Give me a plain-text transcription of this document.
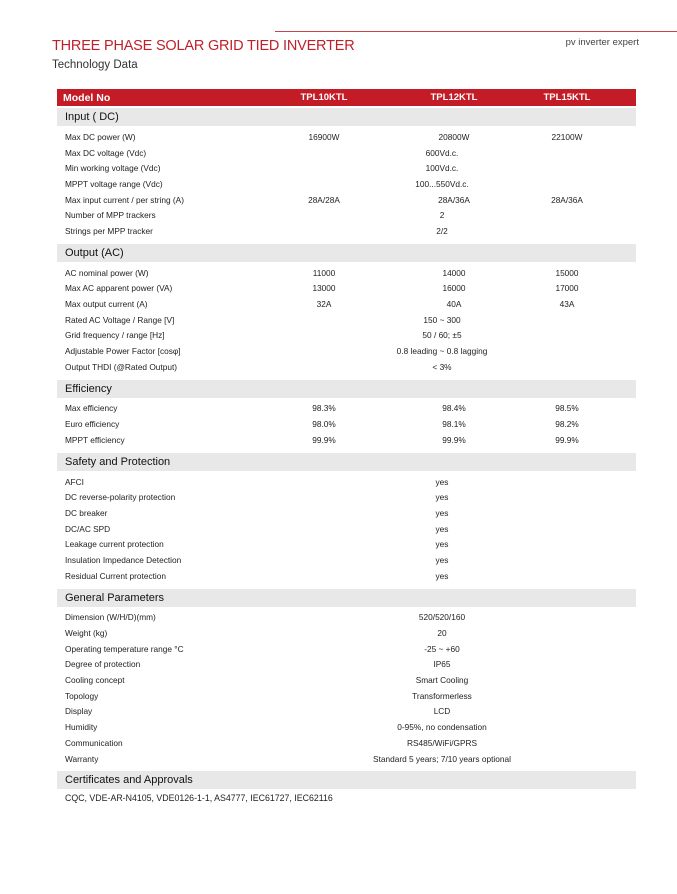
pv inverter expert
THREE PHASE SOLAR GRID TIED INVERTER
Technology Data
Model No	TPL10KTL	TPL12KTL	TPL15KTL
Input ( DC)
Max DC power (W)	16900W	20800W	22100W
Max DC voltage (Vdc)	600Vd.c.
Min working voltage (Vdc)	100Vd.c.
MPPT voltage range (Vdc)	100...550Vd.c.
Max input current / per string (A)	28A/28A	28A/36A	28A/36A
Number of MPP trackers	2
Strings per MPP tracker	2/2
Output (AC)
AC nominal power (W)	11000	14000	15000
Max AC apparent power (VA)	13000	16000	17000
Max output current (A)	32A	40A	43A
Rated AC Voltage / Range [V]	150 ~ 300
Grid frequency / range [Hz]	50 / 60; ±5
Adjustable Power Factor [cosφ]	0.8 leading ~ 0.8 lagging
Output THDI (@Rated Output)	< 3%
Efficiency
Max efficiency	98.3%	98.4%	98.5%
Euro efficiency	98.0%	98.1%	98.2%
MPPT efficiency	99.9%	99.9%	99.9%
Safety and Protection
AFCI	yes
DC reverse-polarity protection	yes
DC breaker	yes
DC/AC SPD	yes
Leakage current protection	yes
Insulation Impedance Detection	yes
Residual Current protection	yes
General Parameters
Dimension (W/H/D)(mm)	520/520/160
Weight (kg)	20
Operating temperature range °C	-25 ~ +60
Degree of protection	IP65
Cooling concept	Smart Cooling
Topology	Transformerless
Display	LCD
Humidity	0-95%, no condensation
Communication	RS485/WiFi/GPRS
Warranty	Standard 5 years; 7/10 years optional
Certificates and Approvals
CQC, VDE-AR-N4105, VDE0126-1-1, AS4777, IEC61727, IEC62116
